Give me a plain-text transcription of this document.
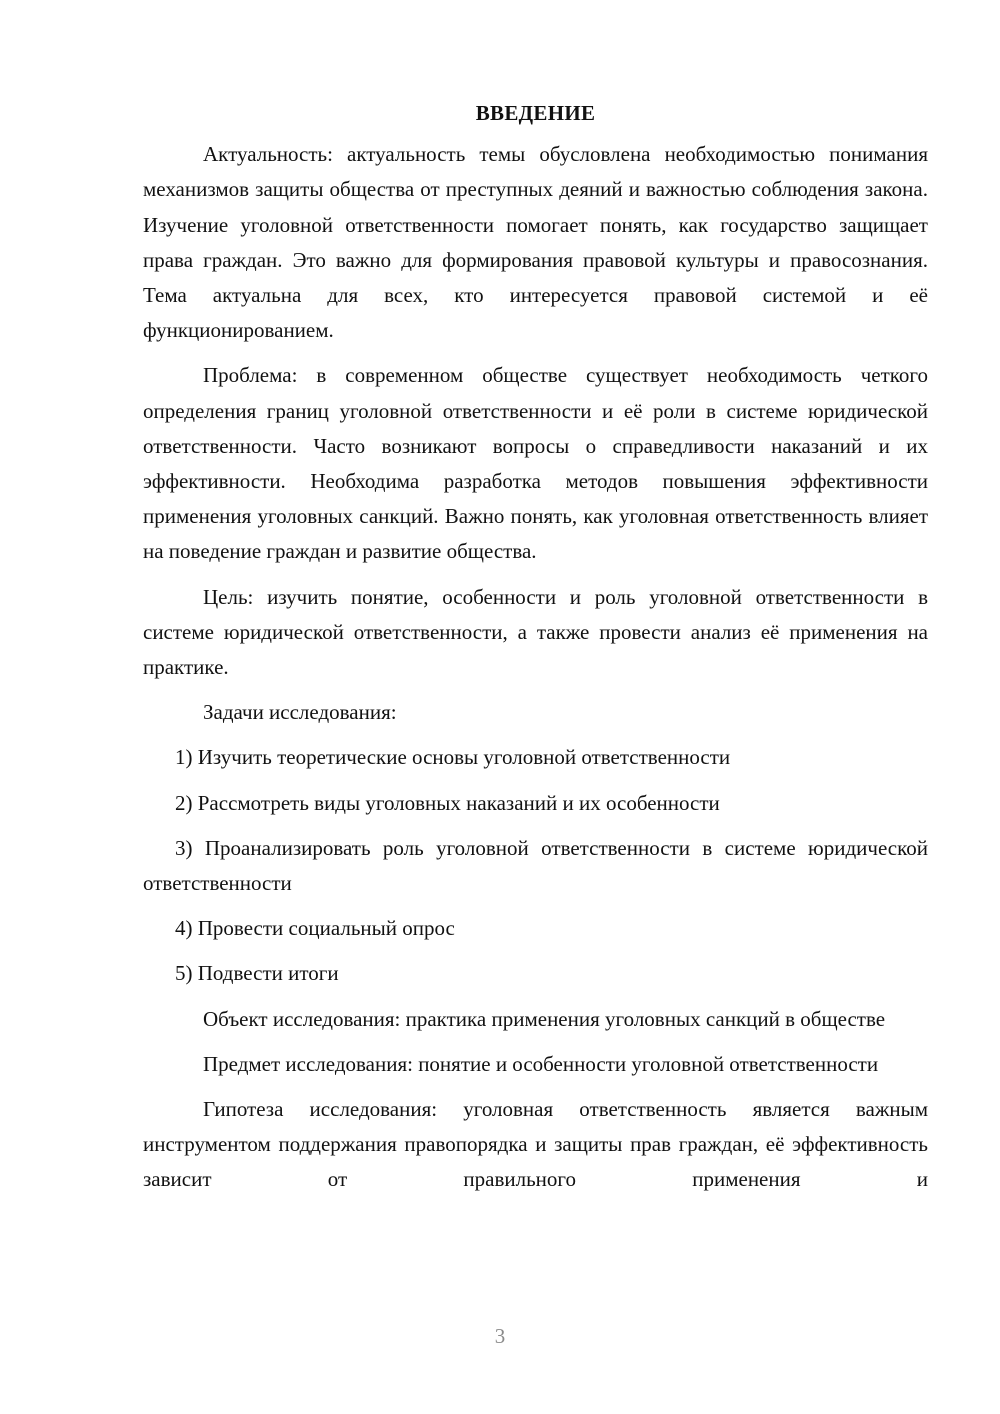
ВВЕДЕНИЕ

Актуальность: актуальность темы обусловлена необходимостью понимания механизмов защиты общества от преступных деяний и важностью соблюдения закона. Изучение уголовной ответственности помогает понять, как государство защищает права граждан. Это важно для формирования правовой культуры и правосознания. Тема актуальна для всех, кто интересуется правовой системой и её функционированием.

Проблема: в современном обществе существует необходимость четкого определения границ уголовной ответственности и её роли в системе юридической ответственности. Часто возникают вопросы о справедливости наказаний и их эффективности. Необходима разработка методов повышения эффективности применения уголовных санкций. Важно понять, как уголовная ответственность влияет на поведение граждан и развитие общества.

Цель: изучить понятие, особенности и роль уголовной ответственности в системе юридической ответственности, а также провести анализ её применения на практике.

Задачи исследования:

1) Изучить теоретические основы уголовной ответственности

2) Рассмотреть виды уголовных наказаний и их особенности

3) Проанализировать роль уголовной ответственности в системе юридической ответственности

4) Провести социальный опрос

5) Подвести итоги

Объект исследования: практика применения уголовных санкций в обществе

Предмет исследования: понятие и особенности уголовной ответственности

Гипотеза исследования: уголовная ответственность является важным инструментом поддержания правопорядка и защиты прав граждан, её эффективность зависит от правильного применения и

3
